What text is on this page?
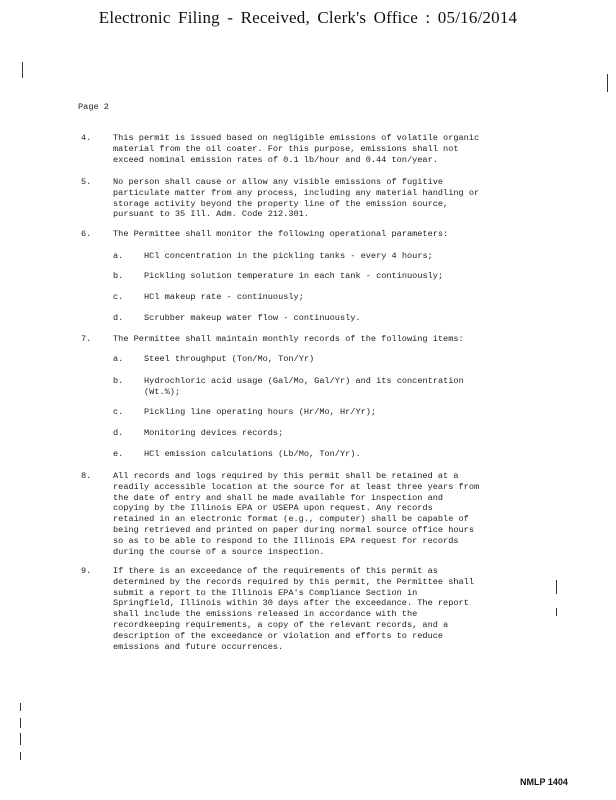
Electronic Filing - Received, Clerk's Office : 05/16/2014
Page 2
4.	This permit is issued based on negligible emissions of volatile organic
material from the oil coater. For this purpose, emissions shall not
exceed nominal emission rates of 0.1 lb/hour and 0.44 ton/year.
5.	No person shall cause or allow any visible emissions of fugitive
particulate matter from any process, including any material handling or
storage activity beyond the property line of the emission source,
pursuant to 35 Ill. Adm. Code 212.301.
6.	The Permittee shall monitor the following operational parameters:
a.	HCl concentration in the pickling tanks - every 4 hours;
b.	Pickling solution temperature in each tank - continuously;
c.	HCl makeup rate - continuously;
d.	Scrubber makeup water flow - continuously.
7.	The Permittee shall maintain monthly records of the following items:
a.	Steel throughput (Ton/Mo, Ton/Yr)
b.	Hydrochloric acid usage (Gal/Mo, Gal/Yr) and its concentration
(Wt.%);
c.	Pickling line operating hours (Hr/Mo, Hr/Yr);
d.	Monitoring devices records;
e.	HCl emission calculations (Lb/Mo, Ton/Yr).
8.	All records and logs required by this permit shall be retained at a
readily accessible location at the source for at least three years from
the date of entry and shall be made available for inspection and
copying by the Illinois EPA or USEPA upon request. Any records
retained in an electronic format (e.g., computer) shall be capable of
being retrieved and printed on paper during normal source office hours
so as to be able to respond to the Illinois EPA request for records
during the course of a source inspection.
9.	If there is an exceedance of the requirements of this permit as
determined by the records required by this permit, the Permittee shall
submit a report to the Illinois EPA's Compliance Section in
Springfield, Illinois within 30 days after the exceedance. The report
shall include the emissions released in accordance with the
recordkeeping requirements, a copy of the relevant records, and a
description of the exceedance or violation and efforts to reduce
emissions and future occurrences.
NMLP 1404
